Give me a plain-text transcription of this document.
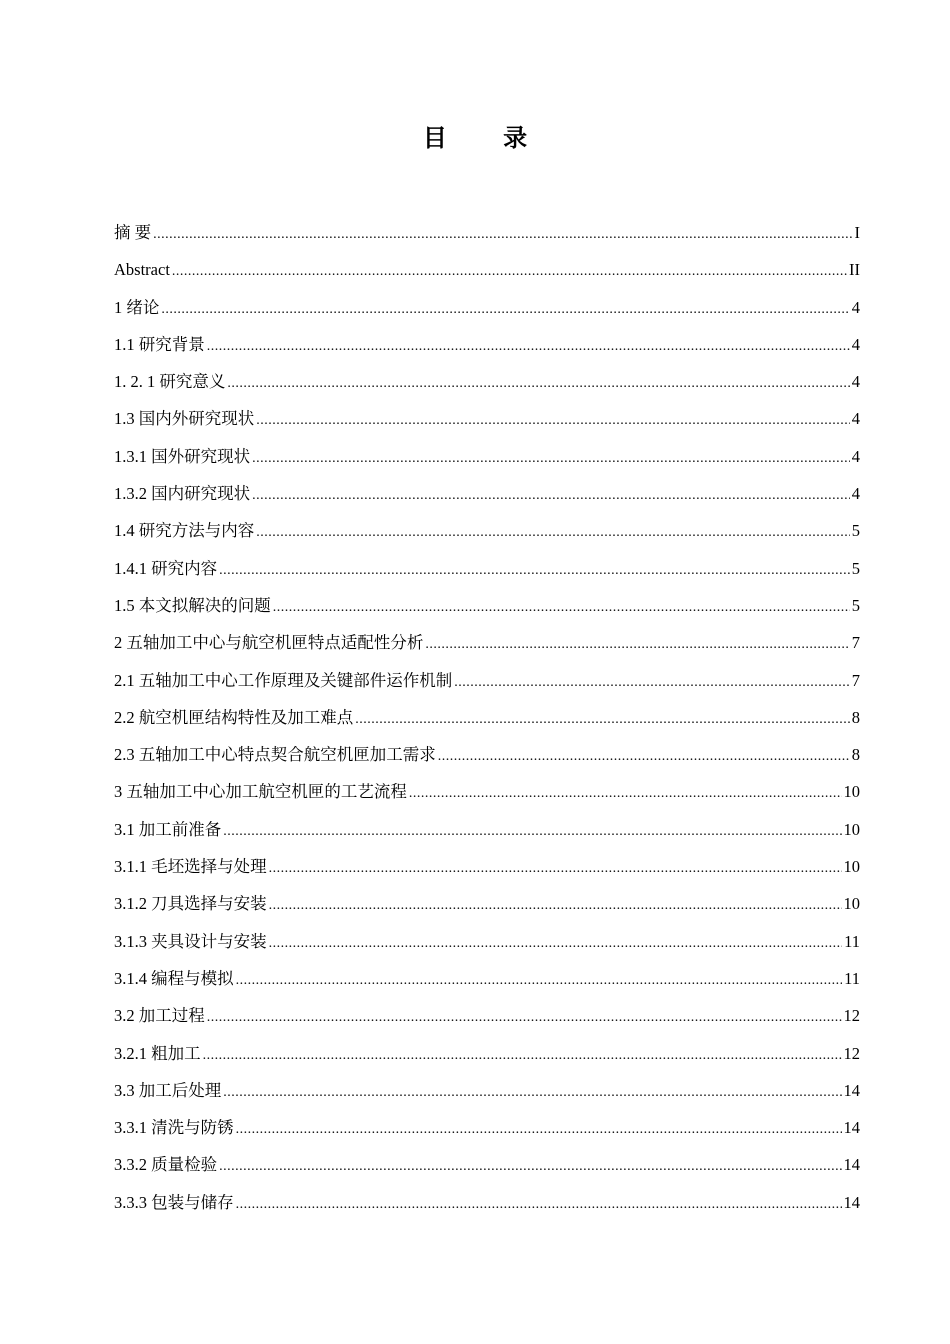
目 录
摘 要 .....	I
Abstract .....	II
1 绪论 .....	4
1.1 研究背景 .....	4
1. 2. 1 研究意义 .....	4
1.3 国内外研究现状 .....	4
1.3.1 国外研究现状 .....	4
1.3.2 国内研究现状 .....	4
1.4 研究方法与内容 .....	5
1.4.1 研究内容 .....	5
1.5 本文拟解决的问题 .....	5
2 五轴加工中心与航空机匣特点适配性分析 .....	7
2.1 五轴加工中心工作原理及关键部件运作机制 .....	7
2.2 航空机匣结构特性及加工难点 .....	8
2.3 五轴加工中心特点契合航空机匣加工需求 .....	8
3 五轴加工中心加工航空机匣的工艺流程 .....	10
3.1 加工前准备 .....	10
3.1.1 毛坯选择与处理 .....	10
3.1.2 刀具选择与安装 .....	10
3.1.3 夹具设计与安装 .....	11
3.1.4 编程与模拟 .....	11
3.2 加工过程 .....	12
3.2.1 粗加工 .....	12
3.3 加工后处理 .....	14
3.3.1 清洗与防锈 .....	14
3.3.2 质量检验 .....	14
3.3.3 包装与储存 .....	14
